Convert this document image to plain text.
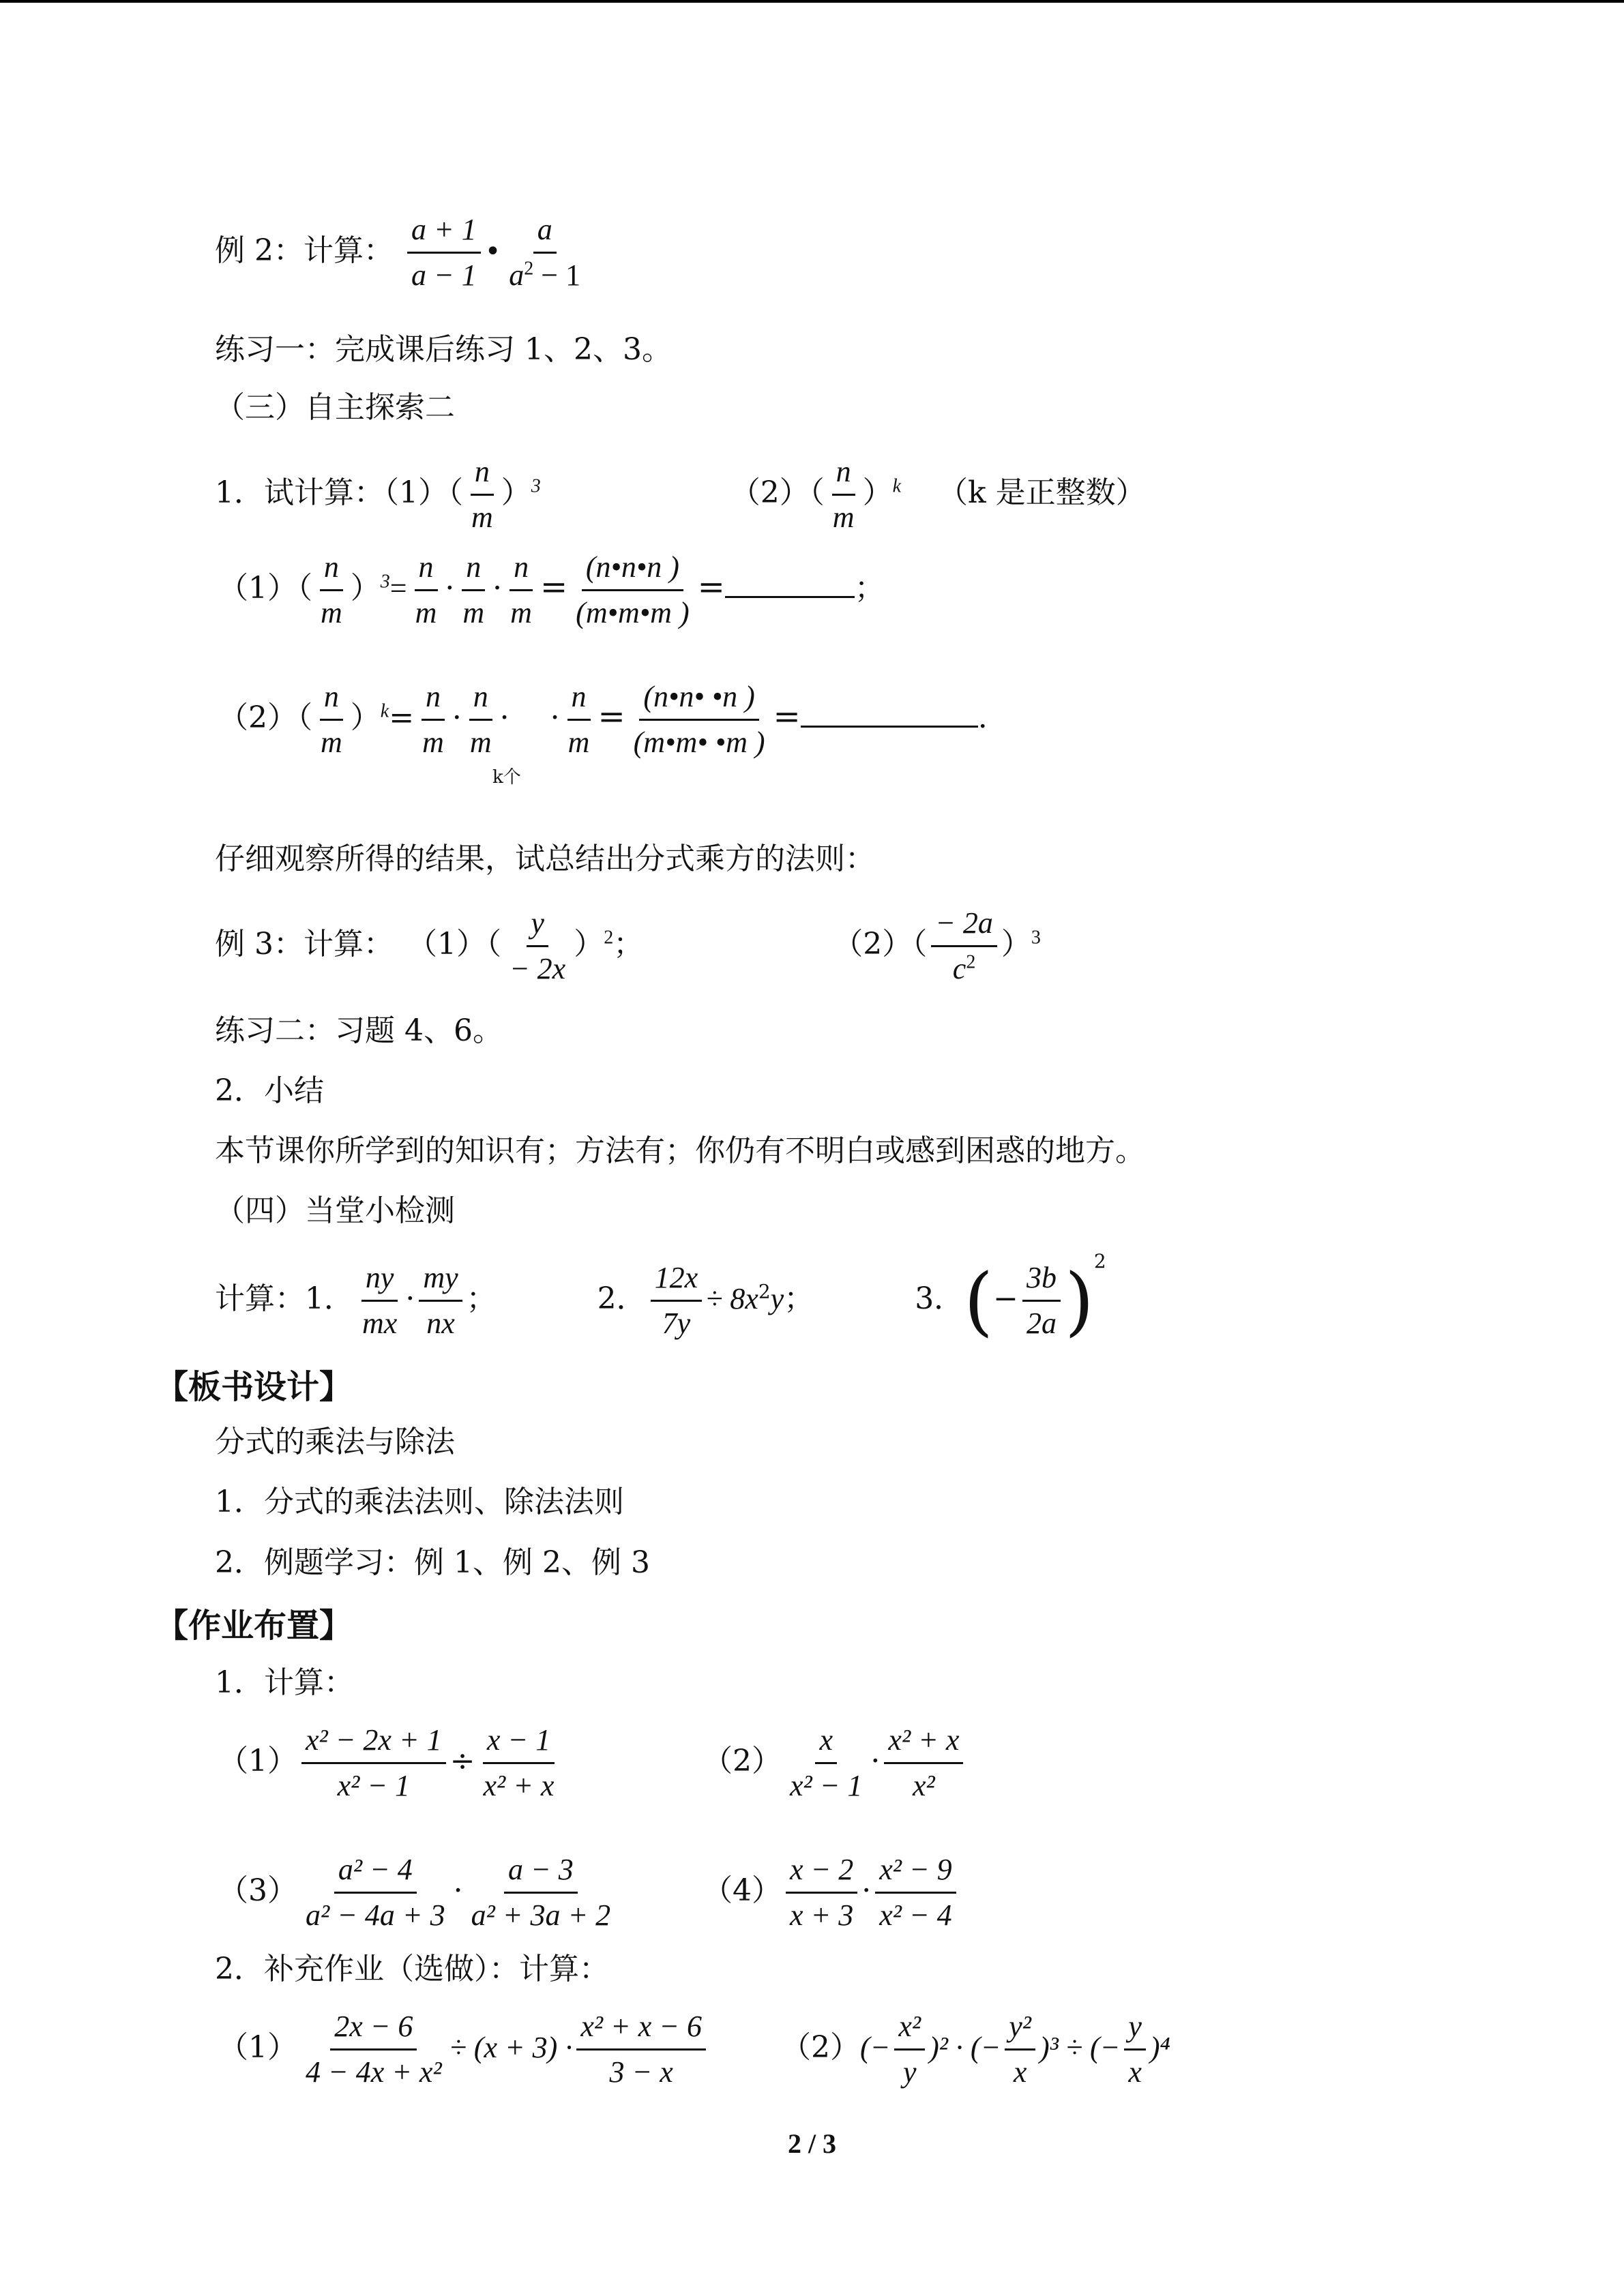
例 2：计算： $\frac{a + 1}{a - 1}$ • $\frac{a}{a^2 - 1}$
练习一：完成课后练习 1、2、3。
（三）自主探索二
1．试计算：$(1)( \frac{n}{m} )^3$	$(2)( \frac{n}{m} )^k$ （k 是正整数）
$(1)( \frac{n}{m} )^3= \frac{n}{m} \cdot \frac{n}{m} \cdot \frac{n}{m} = \frac{(n•n•n )}{(m•m•m )}$ =	；
$(2)( \frac{n}{m} )^k= \frac{n}{m} \cdot \frac{n}{m}$ · · $\frac{n}{m} = \frac{(n•n• •n )}{(m•m• •m )}$ =	.
k个
仔细观察所得的结果，试总结出分式乘方的法则：
例 3：计算： $(1)( \frac{y}{- 2x} )^2$；	$(2)( \frac{- 2a}{c^2} )^3$
练习二：习题 4、6。
2．小结
本节课你所学到的知识有；方法有；你仍有不明白或感到困惑的地方。
（四）当堂小检测
计算：1． $\frac{ny}{mx} \cdot \frac{my}{nx}$ ；	2． $\frac{12x}{7y} \div 8x^2y$；	3．(− $\frac{3b}{2a} )^2$
【板书设计】
分式的乘法与除法
1．分式的乘法法则、除法法则
2．例题学习：例 1、例 2、例 3
【作业布置】
1．计算：
$(1) \frac{\text{x² − 2x + 1}}{\text{x² − 1}} \div \frac{x - 1}{\text{x² + x}}$	$(2) \frac{x}{\text{x² − 1}} \cdot \frac{\text{x² + x}}{\text{x²}}$
$(3) \frac{\text{a² − 4}}{\text{a² − 4a + 3}} \cdot \frac{a - 3}{\text{a² + 3a + 2}}$	$(4) \frac{x - 2}{x + 3} \cdot \frac{\text{x² − 9}}{\text{x² − 4}}$
2．补充作业（选做）：计算：
$(1) \frac{2x - 6}{\text{4 − 4x + x²}} \div (x + 3) \cdot \frac{\text{x² + x − 6}}{3 - x}$	$(2)(- \frac{\text{x²}}{y} )^2$ · (− $\frac{\text{y²}}{x} )^3$ ÷ (− $\frac{y}{x} )^4$
2 / 3
